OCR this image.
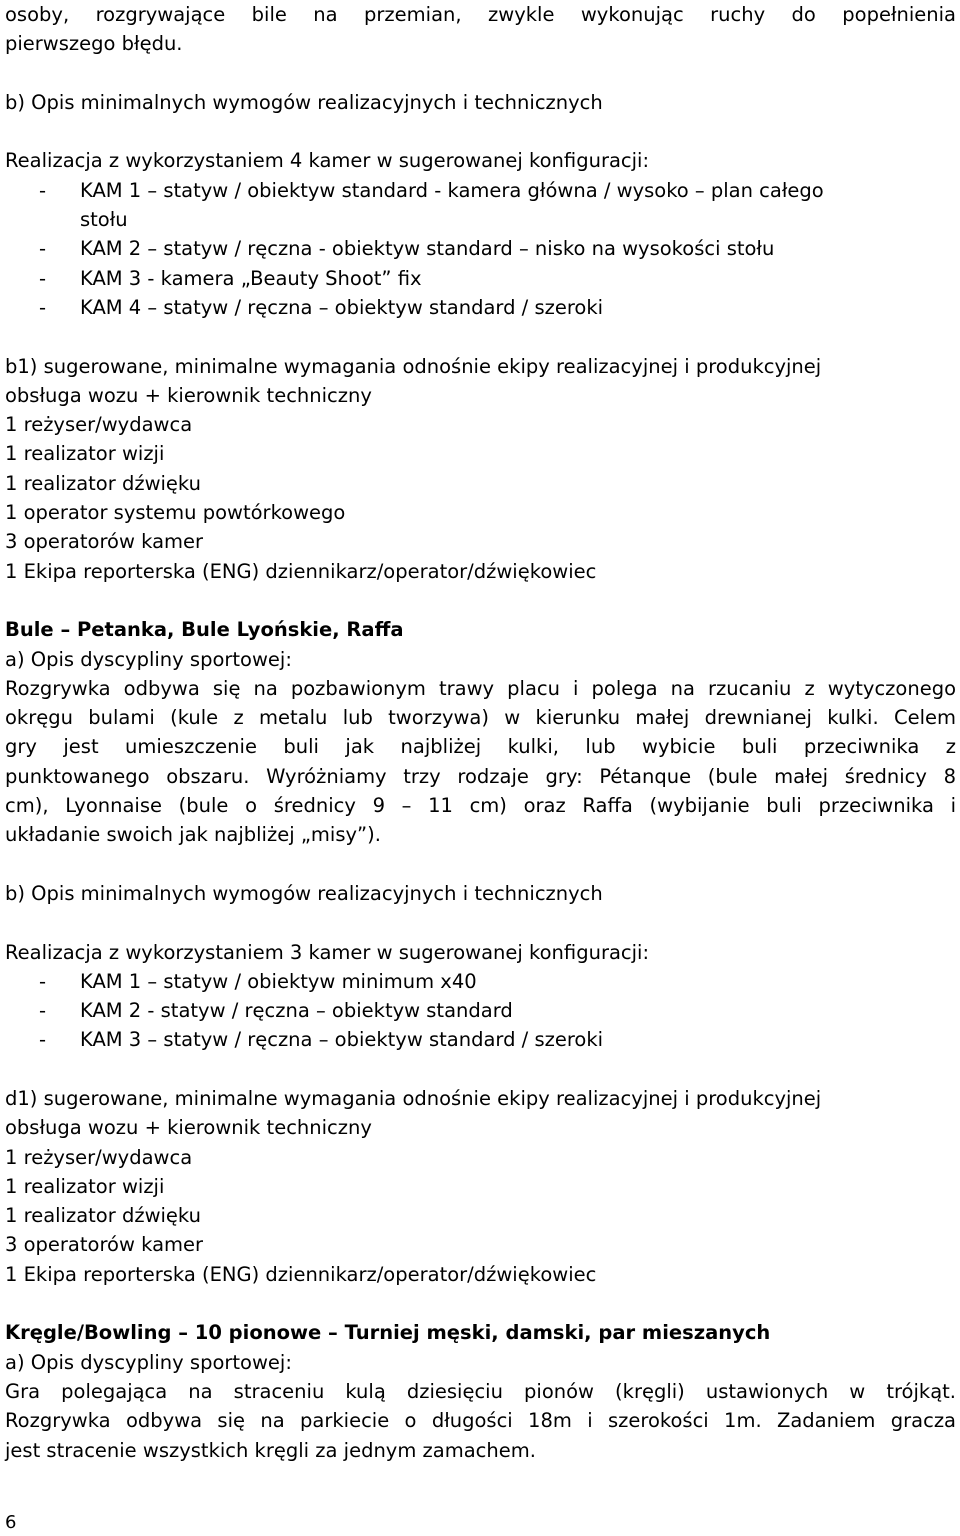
osoby, rozgrywające bile na przemian, zwykle wykonując ruchy do popełnienia
pierwszego błędu.
b) Opis minimalnych wymogów realizacyjnych i technicznych
Realizacja z wykorzystaniem 4 kamer w sugerowanej konfiguracji:
- KAM 1 – statyw / obiektyw standard - kamera główna / wysoko – plan całego
stołu
- KAM 2 – statyw / ręczna - obiektyw standard – nisko na wysokości stołu
- KAM 3 - kamera „Beauty Shoot” fix
- KAM 4 – statyw / ręczna – obiektyw standard / szeroki
b1) sugerowane, minimalne wymagania odnośnie ekipy realizacyjnej i produkcyjnej
obsługa wozu + kierownik techniczny
1 reżyser/wydawca
1 realizator wizji
1 realizator dźwięku
1 operator systemu powtórkowego
3 operatorów kamer
1 Ekipa reporterska (ENG) dziennikarz/operator/dźwiękowiec
Bule – Petanka, Bule Lyońskie, Raffa
a) Opis dyscypliny sportowej:
Rozgrywka odbywa się na pozbawionym trawy placu i polega na rzucaniu z wytyczonego
okręgu bulami (kule z metalu lub tworzywa) w kierunku małej drewnianej kulki. Celem
gry jest umieszczenie buli jak najbliżej kulki, lub wybicie buli przeciwnika z
punktowanego obszaru. Wyróżniamy trzy rodzaje gry: Pétanque (bule małej średnicy 8
cm), Lyonnaise (bule o średnicy 9 – 11 cm) oraz Raffa (wybijanie buli przeciwnika i
układanie swoich jak najbliżej „misy”).
b) Opis minimalnych wymogów realizacyjnych i technicznych
Realizacja z wykorzystaniem 3 kamer w sugerowanej konfiguracji:
- KAM 1 – statyw / obiektyw minimum x40
- KAM 2 - statyw / ręczna – obiektyw standard
- KAM 3 – statyw / ręczna – obiektyw standard / szeroki
d1) sugerowane, minimalne wymagania odnośnie ekipy realizacyjnej i produkcyjnej
obsługa wozu + kierownik techniczny
1 reżyser/wydawca
1 realizator wizji
1 realizator dźwięku
3 operatorów kamer
1 Ekipa reporterska (ENG) dziennikarz/operator/dźwiękowiec
Kręgle/Bowling – 10 pionowe – Turniej męski, damski, par mieszanych
a) Opis dyscypliny sportowej:
Gra polegająca na straceniu kulą dziesięciu pionów (kręgli) ustawionych w trójkąt.
Rozgrywka odbywa się na parkiecie o długości 18m i szerokości 1m. Zadaniem gracza
jest stracenie wszystkich kręgli za jednym zamachem.
6
